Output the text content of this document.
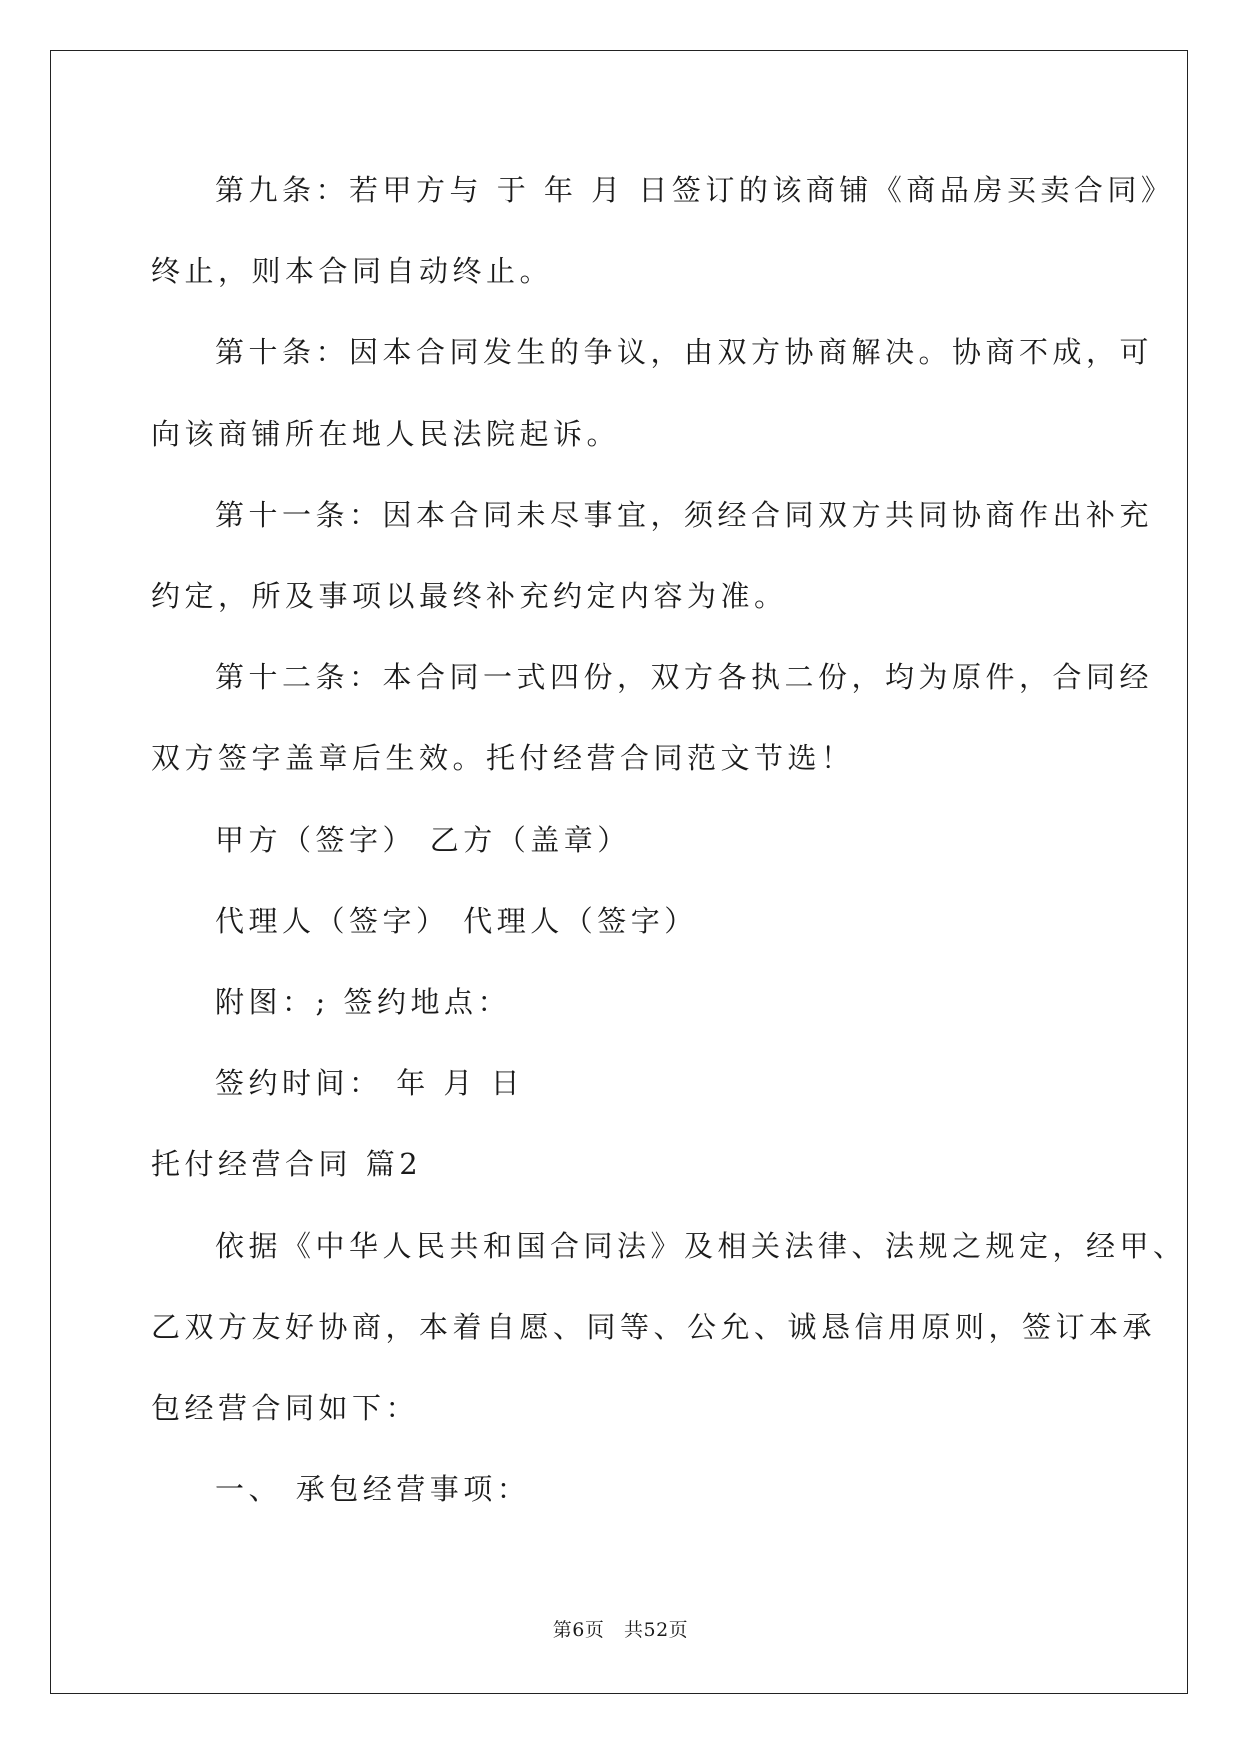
第九条：若甲方与 于 年 月 日签订的该商铺《商品房买卖合同》
终止，则本合同自动终止。
第十条：因本合同发生的争议，由双方协商解决。协商不成，可
向该商铺所在地人民法院起诉。
第十一条：因本合同未尽事宜，须经合同双方共同协商作出补充
约定，所及事项以最终补充约定内容为准。
第十二条：本合同一式四份，双方各执二份，均为原件，合同经
双方签字盖章后生效。托付经营合同范文节选！
甲方（签字） 乙方（盖章）
代理人（签字） 代理人（签字）
附图：; 签约地点：
签约时间： 年 月 日
托付经营合同 篇2
依据《中华人民共和国合同法》及相关法律、法规之规定，经甲、
乙双方友好协商，本着自愿、同等、公允、诚恳信用原则，签订本承
包经营合同如下：
一、 承包经营事项：
第6页   共52页
